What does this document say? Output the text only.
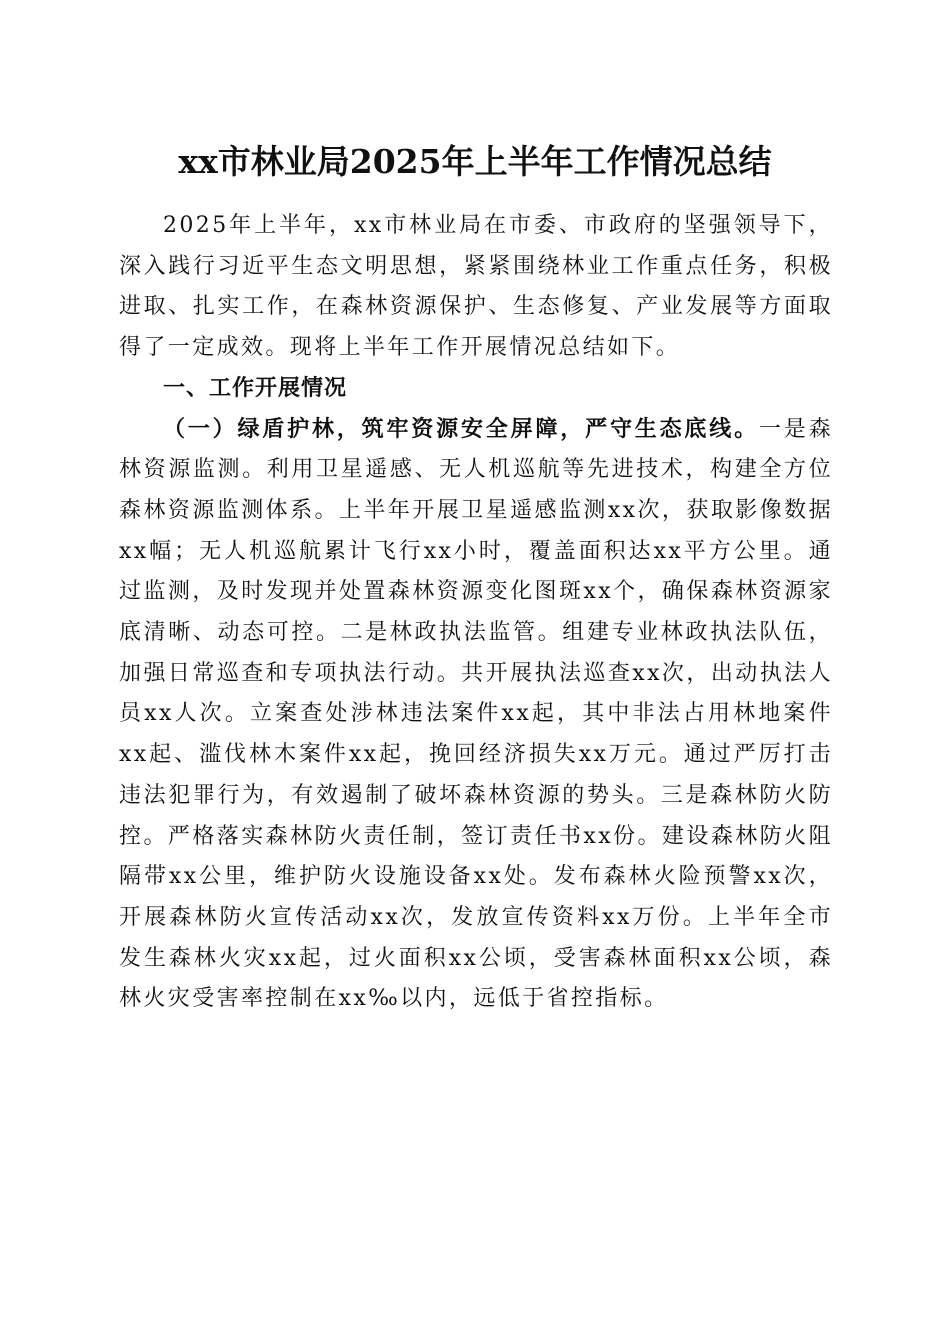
xx市林业局2025年上半年工作情况总结

2025年上半年，xx市林业局在市委、市政府的坚强领导下，深入践行习近平生态文明思想，紧紧围绕林业工作重点任务，积极进取、扎实工作，在森林资源保护、生态修复、产业发展等方面取得了一定成效。现将上半年工作开展情况总结如下。

一、工作开展情况

（一）绿盾护林，筑牢资源安全屏障，严守生态底线。一是森林资源监测。利用卫星遥感、无人机巡航等先进技术，构建全方位森林资源监测体系。上半年开展卫星遥感监测xx次，获取影像数据xx幅；无人机巡航累计飞行xx小时，覆盖面积达xx平方公里。通过监测，及时发现并处置森林资源变化图斑xx个，确保森林资源家底清晰、动态可控。二是林政执法监管。组建专业林政执法队伍，加强日常巡查和专项执法行动。共开展执法巡查xx次，出动执法人员xx人次。立案查处涉林违法案件xx起，其中非法占用林地案件xx起、滥伐林木案件xx起，挽回经济损失xx万元。通过严厉打击违法犯罪行为，有效遏制了破坏森林资源的势头。三是森林防火防控。严格落实森林防火责任制，签订责任书xx份。建设森林防火阻隔带xx公里，维护防火设施设备xx处。发布森林火险预警xx次，开展森林防火宣传活动xx次，发放宣传资料xx万份。上半年全市发生森林火灾xx起，过火面积xx公顷，受害森林面积xx公顷，森林火灾受害率控制在xx‰以内，远低于省控指标。
